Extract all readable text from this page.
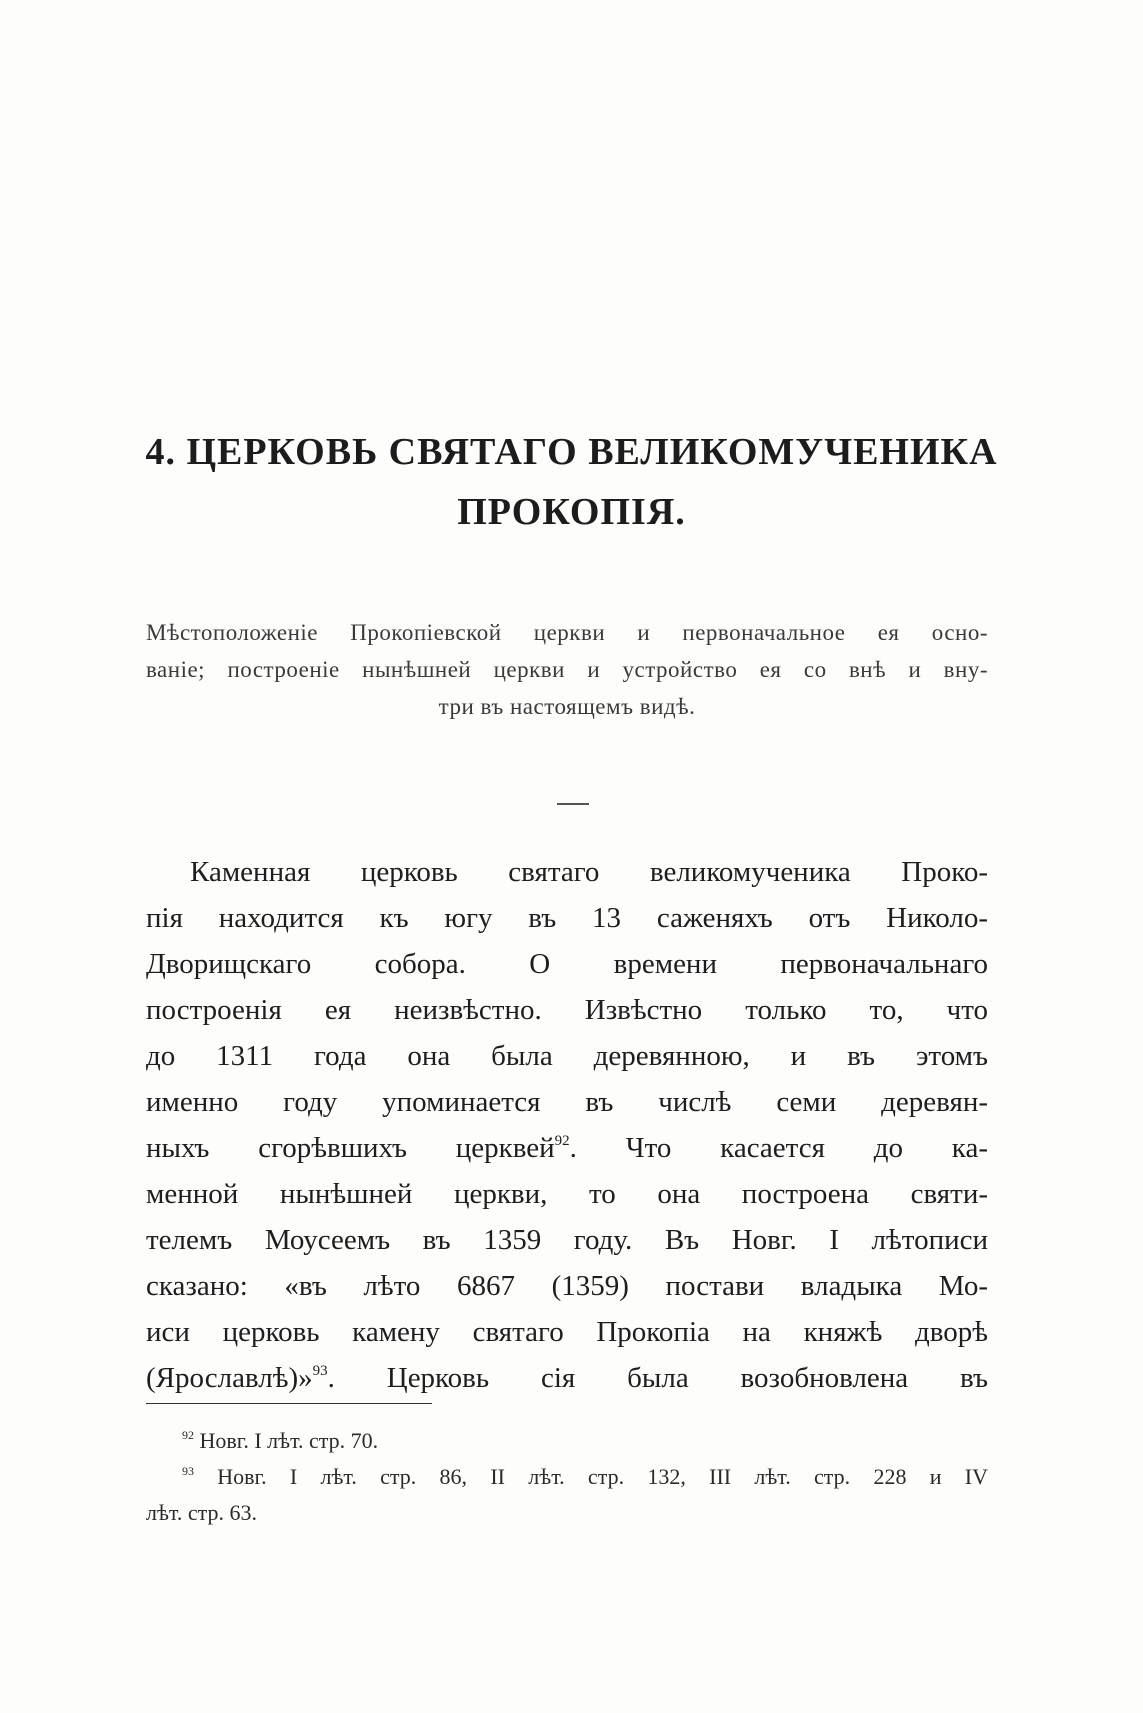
4. ЦЕРКОВЬ СВЯТАГО ВЕЛИКОМУЧЕНИКА
ПРОКОПІЯ.
Мѣстоположеніе Прокопіевской церкви и первоначальное ея осно-
ваніе; построеніе нынѣшней церкви и устройство ея со внѣ и вну-
три въ настоящемъ видѣ.
Каменная церковь святаго великомученика Проко-
пія находится къ югу въ 13 саженяхъ отъ Николо-
Дворищскаго собора. О времени первоначальнаго
построенія ея неизвѣстно. Извѣстно только то, что
до 1311 года она была деревянною, и въ этомъ
именно году упоминается въ числѣ семи деревян-
ныхъ сгорѣвшихъ церквей$^{92}$. Что касается до ка-
менной нынѣшней церкви, то она построена святи-
телемъ Моусеемъ въ 1359 году. Въ Новг. I лѣтописи
сказано: «въ лѣто 6867 (1359) постави владыка Мо-
иси церковь камену святаго Прокопіа на княжѣ дворѣ
(Ярославлѣ)»$^{93}$. Церковь сія была возобновлена въ
$^{92}$ Новг. I лѣт. стр. 70.
$^{93}$ Новг. I лѣт. стр. 86, II лѣт. стр. 132, III лѣт. стр. 228 и IV
лѣт. стр. 63.
